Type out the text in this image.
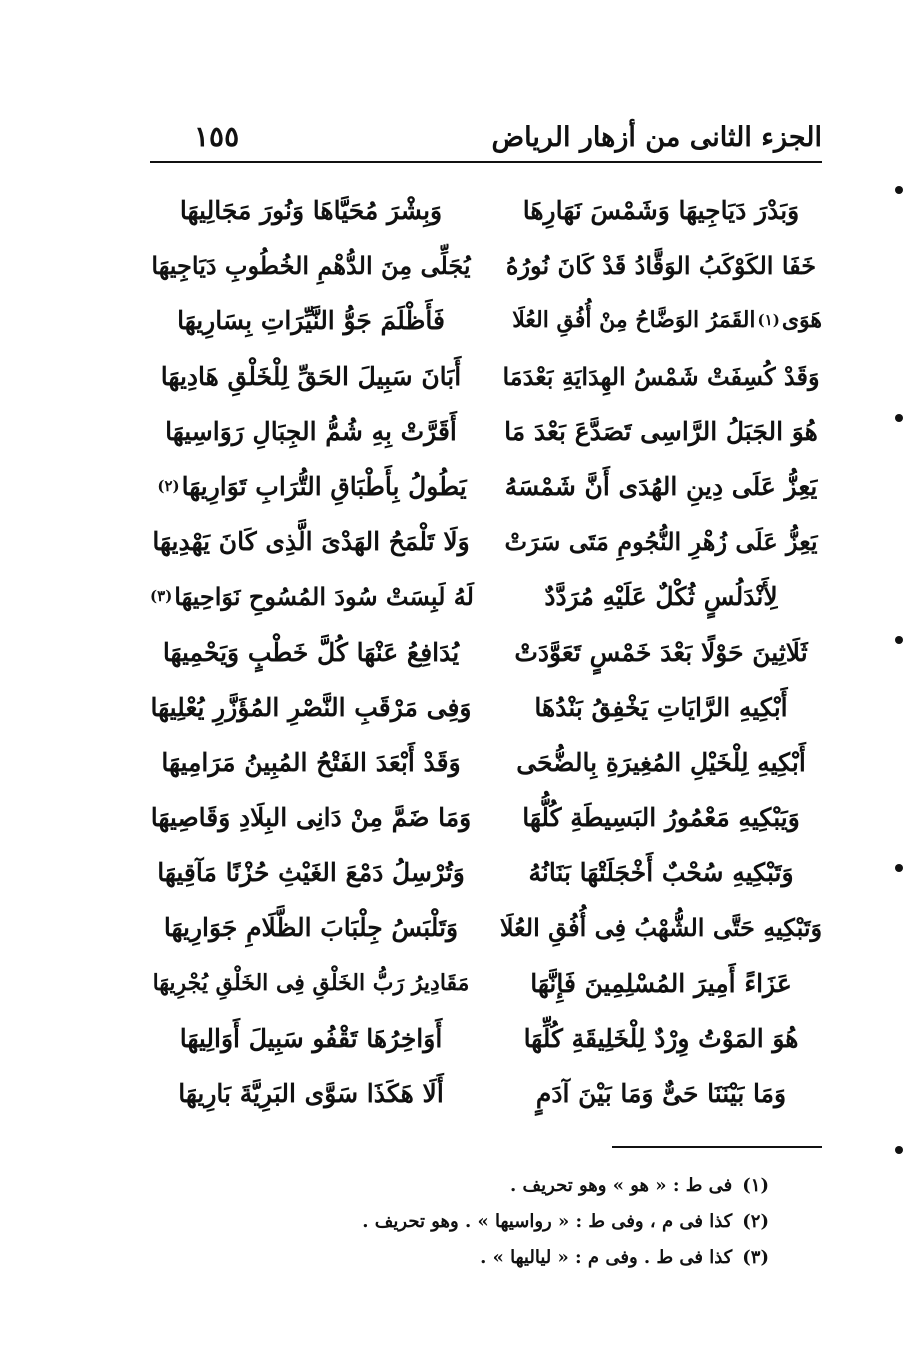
الجزء الثانى من أزهار الرياض
١٥٥
وَبَدْرَ دَيَاجِيهَا وَشَمْسَ نَهَارِهَا
وَبِشْرَ مُحَيَّاهَا وَنُورَ مَجَالِيهَا
خَفَا الكَوْكَبُ الوَقَّادُ قَدْ كَانَ نُورُهُ
يُجَلِّى مِنَ الدُّهْمِ الخُطُوبِ دَيَاجِيهَا
هَوَى
(١)
القَمَرُ الوَضَّاحُ مِنْ أُفُقِ العُلَا
فَأَظْلَمَ جَوُّ النَّيِّرَاتِ بِسَارِيهَا
وَقَدْ كُسِفَتْ شَمْسُ الهِدَايَةِ بَعْدَمَا
أَبَانَ سَبِيلَ الحَقِّ لِلْخَلْقِ هَادِيهَا
هُوَ الجَبَلُ الرَّاسِى تَصَدَّعَ بَعْدَ مَا
أَقَرَّتْ بِهِ شُمُّ الجِبَالِ رَوَاسِيهَا
يَعِزُّ عَلَى دِينِ الهُدَى أَنَّ شَمْسَهُ
يَطُولُ بِأَطْبَاقِ التُّرَابِ تَوَارِيهَا
(٢)
يَعِزُّ عَلَى زُهْرِ النُّجُومِ مَتَى سَرَتْ
وَلَا تَلْمَحُ الهَدْىَ الَّذِى كَانَ يَهْدِيهَا
لِأَنْدَلُسٍ ثُكْلٌ عَلَيْهِ مُرَدَّدٌ
لَهُ لَبِسَتْ سُودَ المُسُوحِ نَوَاحِيهَا
(٣)
ثَلَاثِينَ حَوْلًا بَعْدَ خَمْسٍ تَعَوَّدَتْ
يُدَافِعُ عَنْهَا كُلَّ خَطْبٍ وَيَحْمِيهَا
أَبْكِيهِ الرَّايَاتِ يَخْفِقُ بَنْدُهَا
وَفِى مَرْقَبِ النَّصْرِ المُؤَزَّرِ يُعْلِيهَا
أَبْكِيهِ لِلْخَيْلِ المُغِيرَةِ بِالضُّحَى
وَقَدْ أَبْعَدَ الفَتْحُ المُبِينُ مَرَامِيهَا
وَيَبْكِيهِ مَعْمُورُ البَسِيطَةِ كُلُّهَا
وَمَا ضَمَّ مِنْ دَانِى البِلَادِ وَقَاصِيهَا
وَتَبْكِيهِ سُحْبٌ أَخْجَلَتْهَا بَنَانُهُ
وَتُرْسِلُ دَمْعَ الغَيْثِ حُزْنًا مَآقِيهَا
وَتَبْكِيهِ حَتَّى الشُّهْبُ فِى أُفُقِ العُلَا
وَتَلْبَسُ جِلْبَابَ الظَّلَامِ جَوَارِيهَا
عَزَاءً أَمِيرَ المُسْلِمِينَ فَإِنَّهَا
مَقَادِيرُ رَبُّ الخَلْقِ فِى الخَلْقِ يُجْرِيهَا
هُوَ المَوْتُ وِرْدٌ لِلْخَلِيقَةِ كُلِّهَا
أَوَاخِرُهَا تَقْفُو سَبِيلَ أَوَالِيهَا
وَمَا بَيْنَنَا حَىٌّ وَمَا بَيْنَ آدَمٍ
أَلَا هَكَذَا سَوَّى البَرِيَّةَ بَارِيهَا
(١)فى ط : « هو » وهو تحريف .
(٢)كذا فى م ، وفى ط : « رواسيها » . وهو تحريف .
(٣)كذا فى ط . وفى م : « لياليها » .
